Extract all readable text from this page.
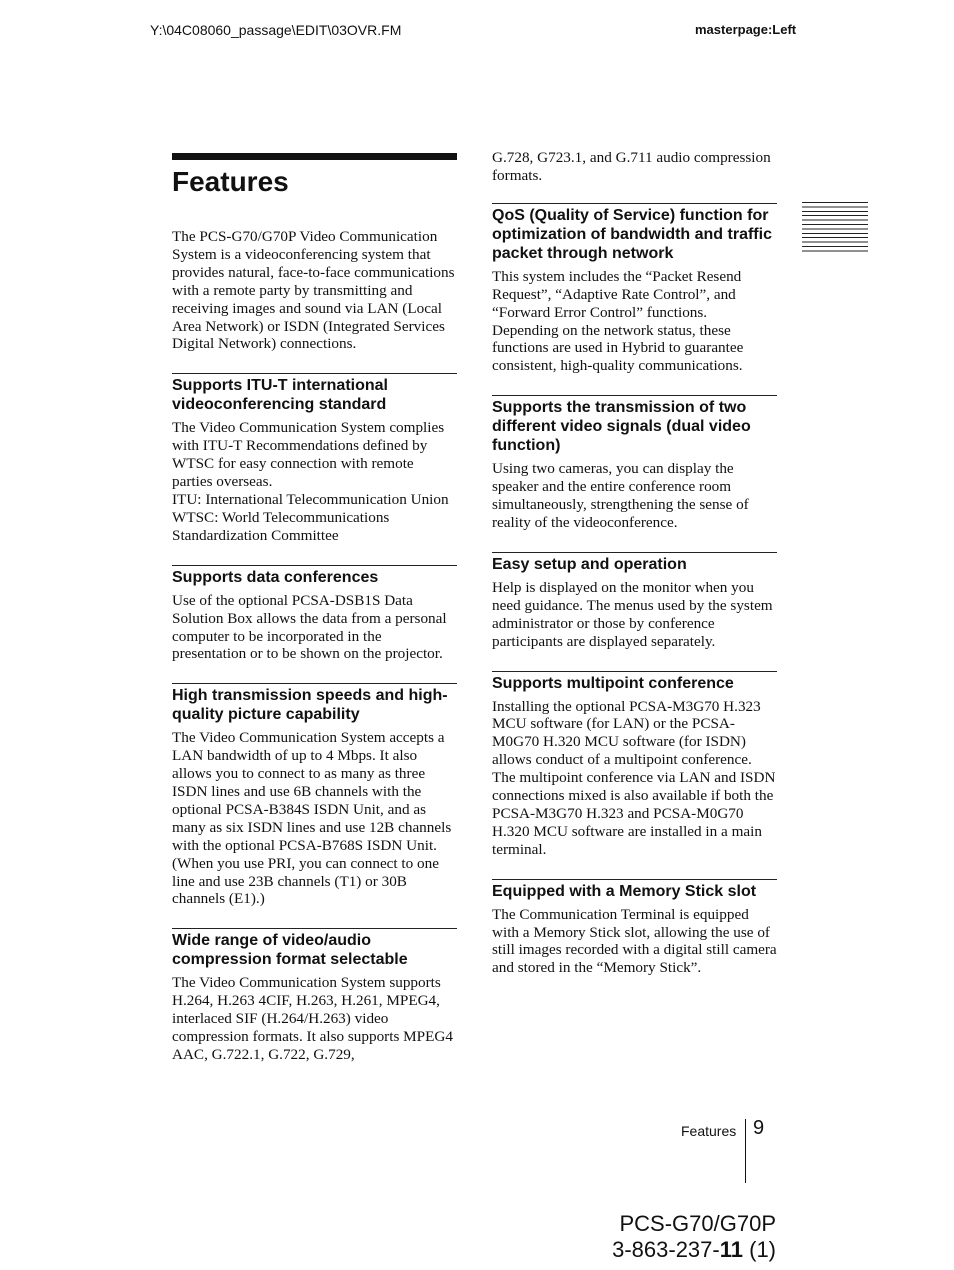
Y:\04C08060_passage\EDIT\03OVR.FM	masterpage:Left
Features

The PCS-G70/G70P Video Communication System is a videoconferencing system that provides natural, face-to-face communications with a remote party by transmitting and receiving images and sound via LAN (Local Area Network) or ISDN (Integrated Services Digital Network) connections.

Supports ITU-T international videoconferencing standard

The Video Communication System complies with ITU-T Recommendations defined by WTSC for easy connection with remote parties overseas.

ITU: International Telecommunication Union

WTSC: World Telecommunications Standardization Committee

Supports data conferences

Use of the optional PCSA-DSB1S Data Solution Box allows the data from a personal computer to be incorporated in the presentation or to be shown on the projector.

High transmission speeds and high-quality picture capability

The Video Communication System accepts a LAN bandwidth of up to 4 Mbps. It also allows you to connect to as many as three ISDN lines and use 6B channels with the optional PCSA-B384S ISDN Unit, and as many as six ISDN lines and use 12B channels with the optional PCSA-B768S ISDN Unit. (When you use PRI, you can connect to one line and use 23B channels (T1) or 30B channels (E1).)

Wide range of video/audio compression format selectable

The Video Communication System supports H.264, H.263 4CIF, H.263, H.261, MPEG4, interlaced SIF (H.264/H.263) video compression formats. It also supports MPEG4 AAC, G.722.1, G.722, G.729,

G.728, G723.1, and G.711 audio compression formats.

QoS (Quality of Service) function for optimization of bandwidth and traffic packet through network

This system includes the “Packet Resend Request”, “Adaptive Rate Control”, and “Forward Error Control” functions. Depending on the network status, these functions are used in Hybrid to guarantee consistent, high-quality communications.

Supports the transmission of two different video signals (dual video function)

Using two cameras, you can display the speaker and the entire conference room simultaneously, strengthening the sense of reality of the videoconference.

Easy setup and operation

Help is displayed on the monitor when you need guidance. The menus used by the system administrator or those by conference participants are displayed separately.

Supports multipoint conference

Installing the optional PCSA-M3G70 H.323 MCU software (for LAN) or the PCSA-M0G70 H.320 MCU software (for ISDN) allows conduct of a multipoint conference.

The multipoint conference via LAN and ISDN connections mixed is also available if both the PCSA-M3G70 H.323 and PCSA-M0G70 H.320 MCU software are installed in a main terminal.

Equipped with a Memory Stick slot

The Communication Terminal is equipped with a Memory Stick slot, allowing the use of still images recorded with a digital still camera and stored in the “Memory Stick”.

Features 9
PCS-G70/G70P
3-863-237-11 (1)
